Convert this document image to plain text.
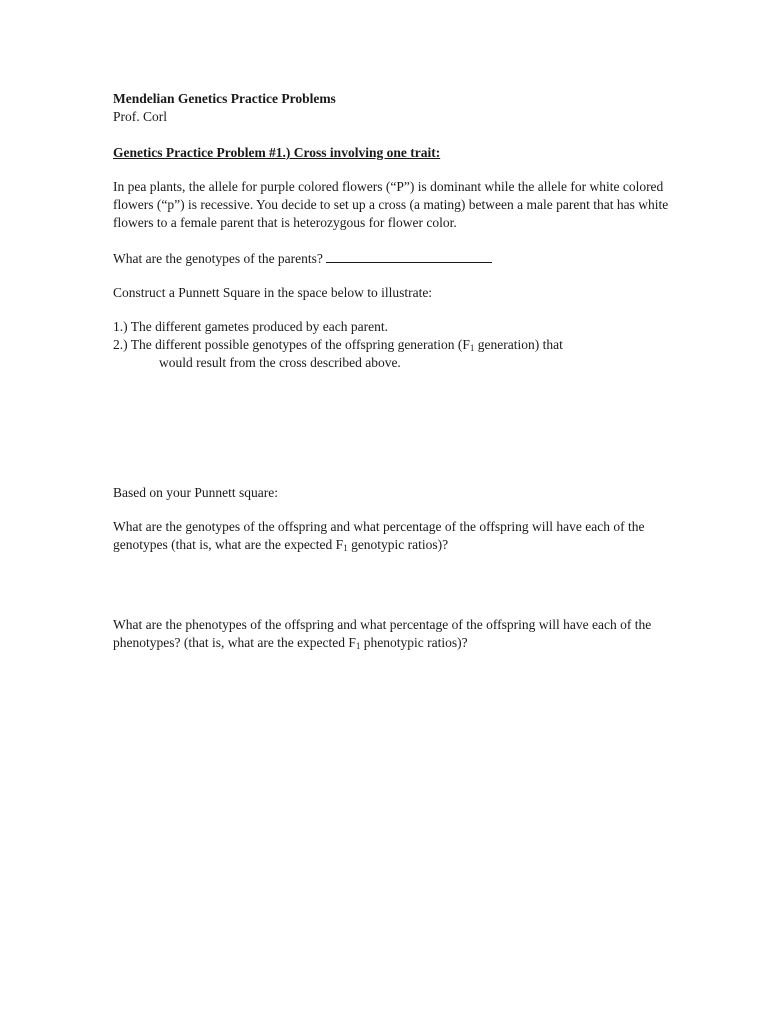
Mendelian Genetics Practice Problems

Prof. Corl

Genetics Practice Problem #1.) Cross involving one trait:

In pea plants, the allele for purple colored flowers (“P”) is dominant while the allele for white colored flowers (“p”) is recessive. You decide to set up a cross (a mating) between a male parent that has white flowers to a female parent that is heterozygous for flower color.

What are the genotypes of the parents?

Construct a Punnett Square in the space below to illustrate:

1.) The different gametes produced by each parent.

2.) The different possible genotypes of the offspring generation ($F_1$ generation) that

would result from the cross described above.

Based on your Punnett square:

What are the genotypes of the offspring and what percentage of the offspring will have each of the genotypes (that is, what are the expected $F_1$ genotypic ratios)?

What are the phenotypes of the offspring and what percentage of the offspring will have each of the phenotypes? (that is, what are the expected $F_1$ phenotypic ratios)?
